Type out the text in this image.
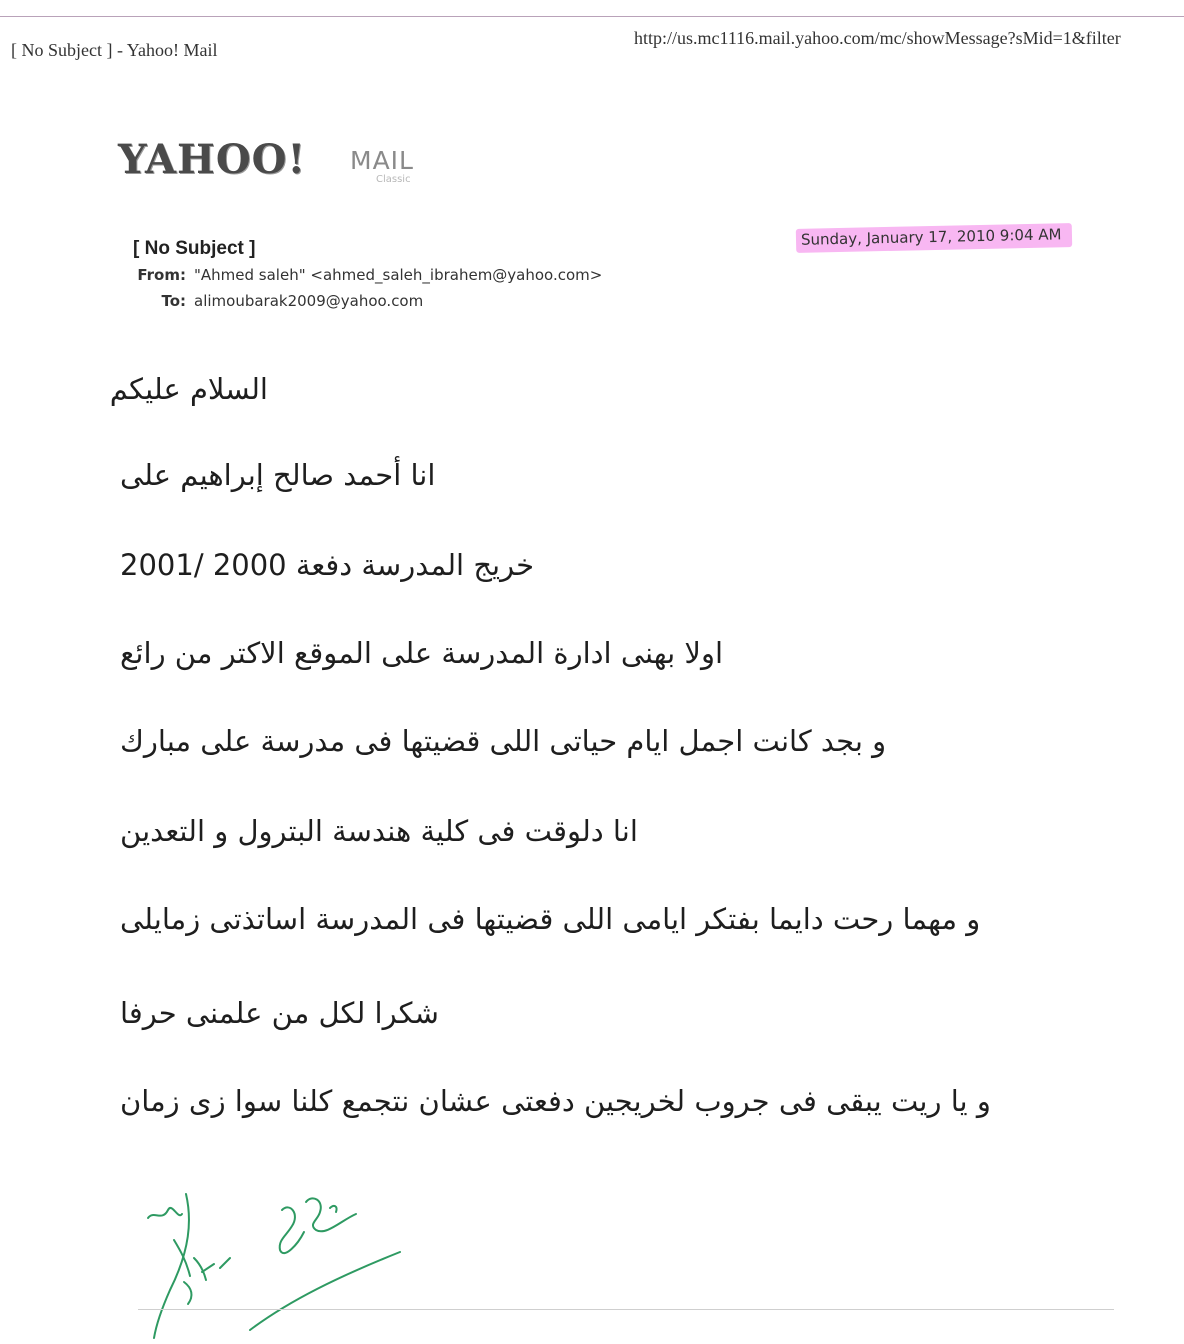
[ No Subject ] - Yahoo! Mail
http://us.mc1116.mail.yahoo.com/mc/showMessage?sMid=1&filter
YAHOO! MAIL
Classic
[ No Subject ]	Sunday, January 17, 2010 9:04 AM
From: "Ahmed saleh" <ahmed_saleh_ibrahem@yahoo.com>
To: alimoubarak2009@yahoo.com
السلام عليكم
انا أحمد صالح إبراهيم على
خريج المدرسة دفعة 2000 /2001
اولا بهنى ادارة المدرسة على الموقع الاكتر من رائع
و بجد كانت اجمل ايام حياتى اللى قضيتها فى مدرسة على مبارك
انا دلوقت فى كلية هندسة البترول و التعدين
و مهما رحت دايما بفتكر ايامى اللى قضيتها فى المدرسة اساتذتى زمايلى
شكرا لكل من علمنى حرفا
و يا ريت يبقى فى جروب لخريجين دفعتى عشان نتجمع كلنا سوا زى زمان
